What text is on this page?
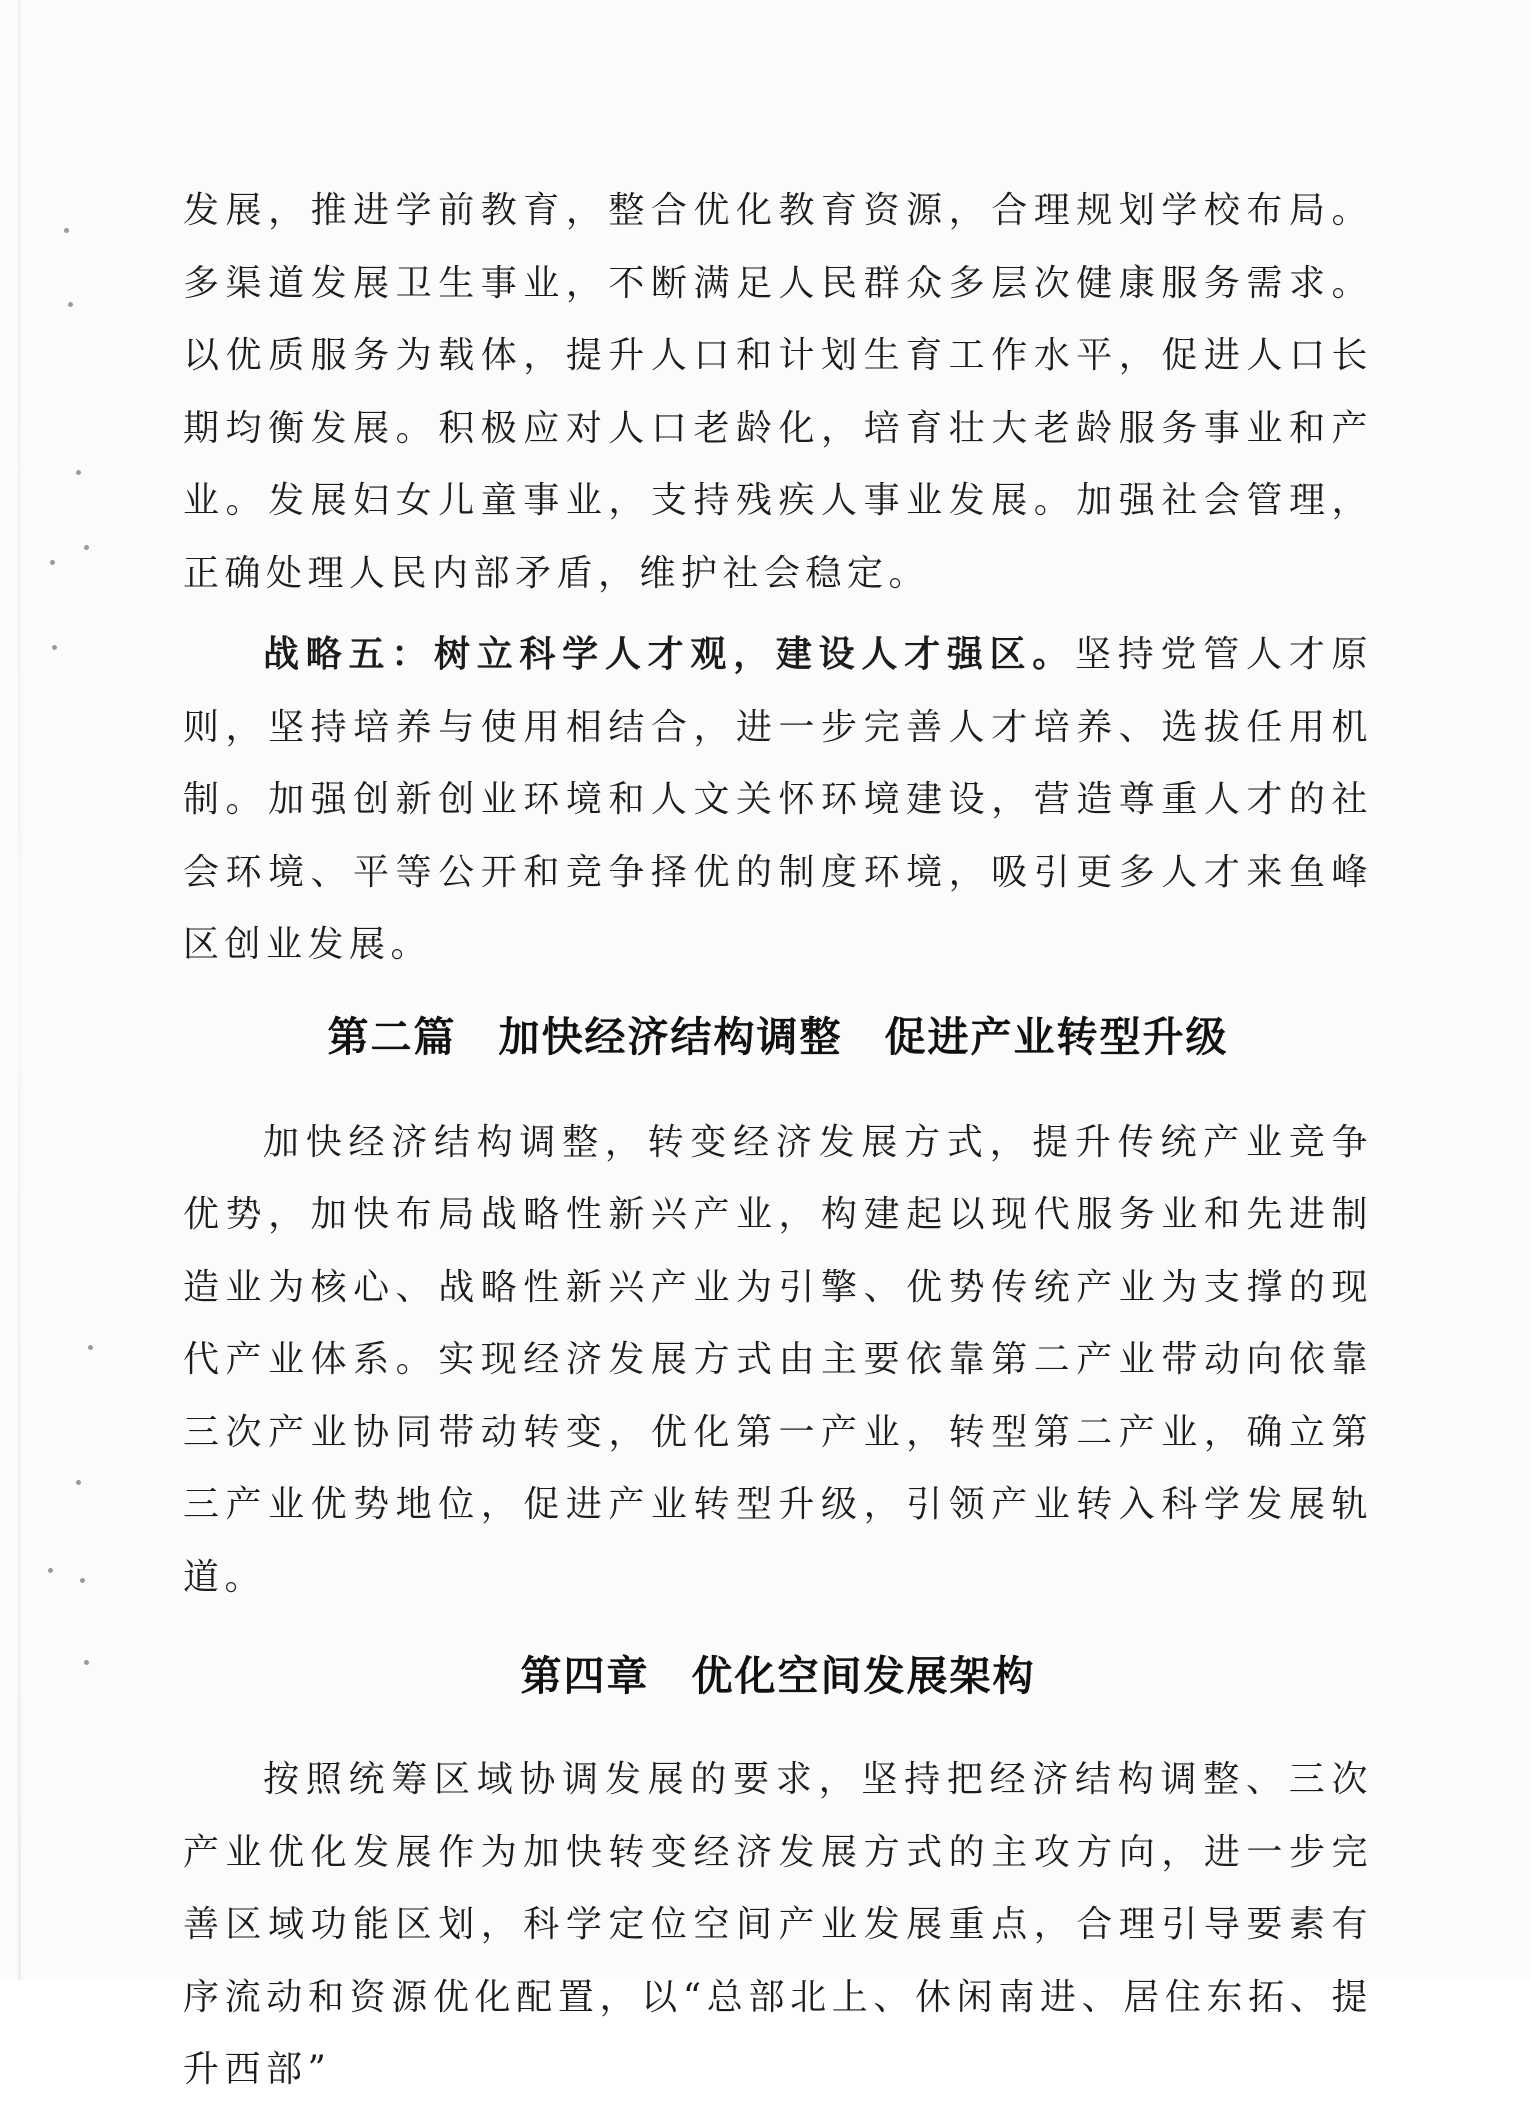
发展，推进学前教育，整合优化教育资源，合理规划学校布局。多渠道发展卫生事业，不断满足人民群众多层次健康服务需求。以优质服务为载体，提升人口和计划生育工作水平，促进人口长期均衡发展。积极应对人口老龄化，培育壮大老龄服务事业和产业。发展妇女儿童事业，支持残疾人事业发展。加强社会管理，正确处理人民内部矛盾，维护社会稳定。

战略五：树立科学人才观，建设人才强区。坚持党管人才原则，坚持培养与使用相结合，进一步完善人才培养、选拔任用机制。加强创新创业环境和人文关怀环境建设，营造尊重人才的社会环境、平等公开和竞争择优的制度环境，吸引更多人才来鱼峰区创业发展。

第二篇 加快经济结构调整 促进产业转型升级

加快经济结构调整，转变经济发展方式，提升传统产业竞争优势，加快布局战略性新兴产业，构建起以现代服务业和先进制造业为核心、战略性新兴产业为引擎、优势传统产业为支撑的现代产业体系。实现经济发展方式由主要依靠第二产业带动向依靠三次产业协同带动转变，优化第一产业，转型第二产业，确立第三产业优势地位，促进产业转型升级，引领产业转入科学发展轨道。

第四章 优化空间发展架构

按照统筹区域协调发展的要求，坚持把经济结构调整、三次产业优化发展作为加快转变经济发展方式的主攻方向，进一步完善区域功能区划，科学定位空间产业发展重点，合理引导要素有序流动和资源优化配置，以“总部北上、休闲南进、居住东拓、提升西部”
